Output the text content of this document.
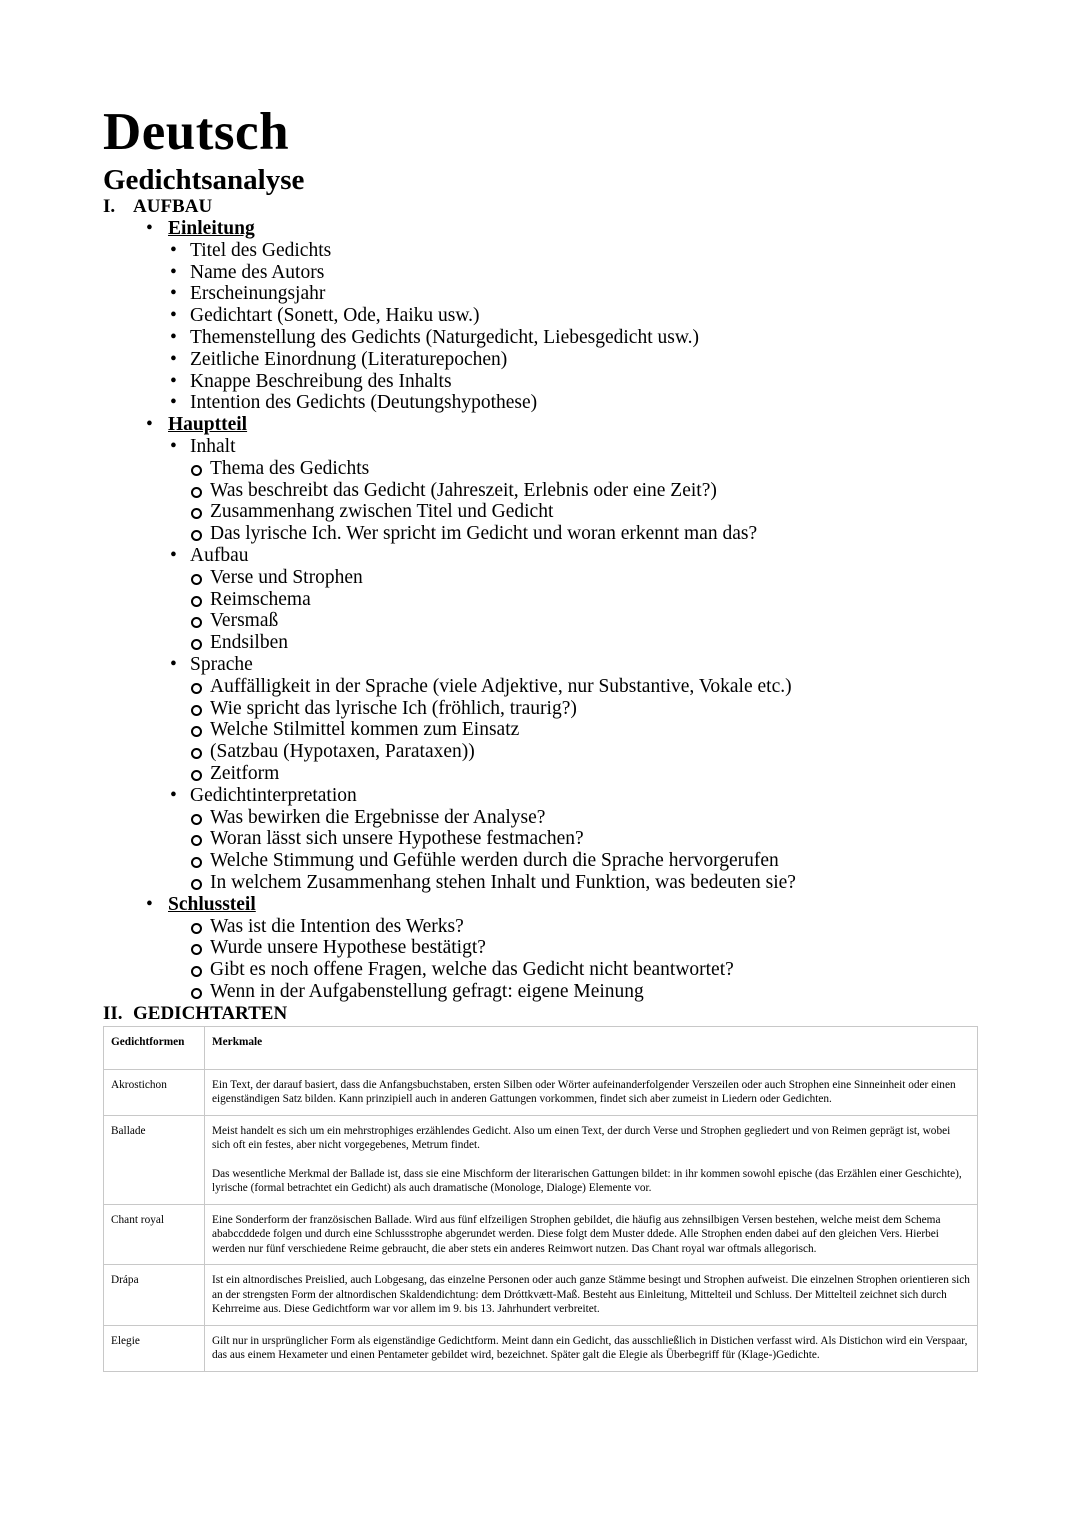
Deutsch
Gedichtsanalyse
I. AUFBAU
• Einleitung
• Titel des Gedichts
• Name des Autors
• Erscheinungsjahr
• Gedichtart (Sonett, Ode, Haiku usw.)
• Themenstellung des Gedichts (Naturgedicht, Liebesgedicht usw.)
• Zeitliche Einordnung (Literaturepochen)
• Knappe Beschreibung des Inhalts
• Intention des Gedichts (Deutungshypothese)
• Hauptteil
• Inhalt
Thema des Gedichts
Was beschreibt das Gedicht (Jahreszeit, Erlebnis oder eine Zeit?)
Zusammenhang zwischen Titel und Gedicht
Das lyrische Ich. Wer spricht im Gedicht und woran erkennt man das?
• Aufbau
Verse und Strophen
Reimschema
Versmaß
Endsilben
• Sprache
Auffälligkeit in der Sprache (viele Adjektive, nur Substantive, Vokale etc.)
Wie spricht das lyrische Ich (fröhlich, traurig?)
Welche Stilmittel kommen zum Einsatz
(Satzbau (Hypotaxen, Parataxen))
Zeitform
• Gedichtinterpretation
Was bewirken die Ergebnisse der Analyse?
Woran lässt sich unsere Hypothese festmachen?
Welche Stimmung und Gefühle werden durch die Sprache hervorgerufen
In welchem Zusammenhang stehen Inhalt und Funktion, was bedeuten sie?
• Schlussteil
Was ist die Intention des Werks?
Wurde unsere Hypothese bestätigt?
Gibt es noch offene Fragen, welche das Gedicht nicht beantwortet?
Wenn in der Aufgabenstellung gefragt: eigene Meinung
II. GEDICHTARTEN
Gedichtformen	Merkmale
Akrostichon	Ein Text, der darauf basiert, dass die Anfangsbuchstaben, ersten Silben oder Wörter aufeinanderfolgender Verszeilen oder auch Strophen eine Sinneinheit oder einen eigenständigen Satz bilden. Kann prinzipiell auch in anderen Gattungen vorkommen, findet sich aber zumeist in Liedern oder Gedichten.

Ballade	Meist handelt es sich um ein mehrstrophiges erzählendes Gedicht. Also um einen Text, der durch Verse und Strophen gegliedert und von Reimen geprägt ist, wobei sich oft ein festes, aber nicht vorgegebenes, Metrum findet.

Das wesentliche Merkmal der Ballade ist, dass sie eine Mischform der literarischen Gattungen bildet: in ihr kommen sowohl epische (das Erzählen einer Geschichte), lyrische (formal betrachtet ein Gedicht) als auch dramatische (Monologe, Dialoge) Elemente vor.

Chant royal	Eine Sonderform der französischen Ballade. Wird aus fünf elfzeiligen Strophen gebildet, die häufig aus zehnsilbigen Versen bestehen, welche meist dem Schema ababccddede folgen und durch eine Schlussstrophe abgerundet werden. Diese folgt dem Muster ddede. Alle Strophen enden dabei auf den gleichen Vers. Hierbei werden nur fünf verschiedene Reime gebraucht, die aber stets ein anderes Reimwort nutzen. Das Chant royal war oftmals allegorisch.

Drápa	Ist ein altnordisches Preislied, auch Lobgesang, das einzelne Personen oder auch ganze Stämme besingt und Strophen aufweist. Die einzelnen Strophen orientieren sich an der strengsten Form der altnordischen Skaldendichtung: dem Dróttkvætt-Maß. Besteht aus Einleitung, Mittelteil und Schluss. Der Mittelteil zeichnet sich durch Kehrreime aus. Diese Gedichtform war vor allem im 9. bis 13. Jahrhundert verbreitet.

Elegie	Gilt nur in ursprünglicher Form als eigenständige Gedichtform. Meint dann ein Gedicht, das ausschließlich in Distichen verfasst wird. Als Distichon wird ein Verspaar, das aus einem Hexameter und einen Pentameter gebildet wird, bezeichnet. Später galt die Elegie als Überbegriff für (Klage-)Gedichte.
